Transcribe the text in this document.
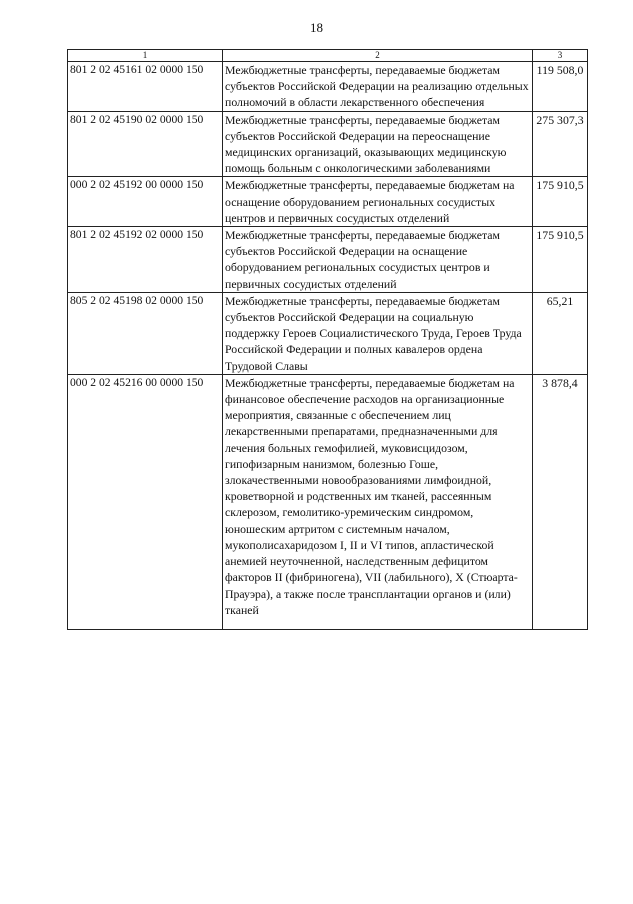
18
1	2	3
801 2 02 45161 02 0000 150	Межбюджетные трансферты, передаваемые бюджетам субъектов Российской Федерации на реализацию отдельных полномочий в области лекарственного обеспечения	119 508,0
801 2 02 45190 02 0000 150	Межбюджетные трансферты, передаваемые бюджетам субъектов Российской Федерации на переоснащение медицинских организаций, оказывающих медицинскую помощь больным с онкологическими заболеваниями	275 307,3
000 2 02 45192 00 0000 150	Межбюджетные трансферты, передаваемые бюджетам на оснащение оборудованием региональных сосудистых центров и первичных сосудистых отделений	175 910,5
801 2 02 45192 02 0000 150	Межбюджетные трансферты, передаваемые бюджетам субъектов Российской Федерации на оснащение оборудованием региональных сосудистых центров и первичных сосудистых отделений	175 910,5
805 2 02 45198 02 0000 150	Межбюджетные трансферты, передаваемые бюджетам субъектов Российской Федерации на социальную поддержку Героев Социалистического Труда, Героев Труда Российской Федерации и полных кавалеров ордена Трудовой Славы	65,21
000 2 02 45216 00 0000 150	Межбюджетные трансферты, передаваемые бюджетам на финансовое обеспечение расходов на организационные мероприятия, связанные с обеспечением лиц лекарственными препаратами, предназначенными для лечения больных гемофилией, муковисцидозом, гипофизарным нанизмом, болезнью Гоше, злокачественными новообразованиями лимфоидной, кроветворной и родственных им тканей, рассеянным склерозом, гемолитико-уремическим синдромом, юношеским артритом с системным началом, мукополисахаридозом I, II и VI типов, апластической анемией неуточненной, наследственным дефицитом факторов II (фибриногена), VII (лабильного), X (Стюарта-Прауэра), а также после трансплантации органов и (или) тканей	3 878,4
